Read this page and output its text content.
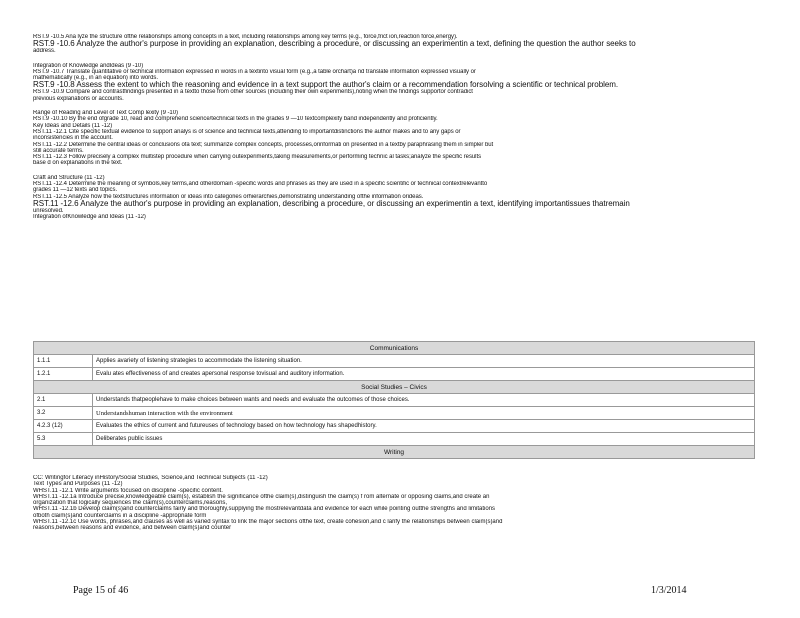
RST.9 -10.5 Ana lyze the structure ofthe relationships among concepts in a text, including relationships among key terms (e.g., force,frict ion,reaction force,energy).
RST.9 -10.6 Analyze the author's purpose in providing an explanation, describing a procedure, or discussing an experimentin a text, defining the question the author seeks to
address.
Integration of Knowledge andIdeas (9 -10)
RST.9 -10.7 Translate quantitative or technical information expressed in words in a textinto visual form (e.g.,a table orchart)a nd translate information expressed visually or
mathematically (e.g., in an equation) into words.
RST.9 -10.8 Assess the extent to which the reasoning and evidence in a text support the author's claim or a recommendation forsolving a scientific or technical problem.
RST.9 -10.9 Compare and contrastfindings presented in a textto those from other sources (including their own experiments),noting when the findings supportor contradict
previous explanations or accounts.
Range of Reading and Level of Text Comp lexity (9 -10)
RST.9 -10.10 By the end ofgrade 10, read and comprehend science/technical texts in the grades 9 —10 textcomplexity band independently and proficiently.
Key Ideas and Details (11 -12)
RST.11 -12.1 Cite specific textual evidence to support analys is of science and technical texts,attending to importantdistinctions the author makes and to any gaps or
inconsistencies in the account.
RST.11 -12.2 Determine the central ideas or conclusions ofa text; summarize complex concepts, processes,orinformati on presented in a textby paraphrasing them in simpler but
still accurate terms.
RST.11 -12.3 Follow precisely a complex multistep procedure when carrying outexperiments,taking measurements,or performing technic al tasks;analyze the specific results
base d on explanations in the text.
Craft and Structure (11 -12)
RST.11 -12.4 Determine the meaning of symbols,key terms,and otherdomain -specific words and phrases as they are used in a specific scientific or technical contextrelevantto
grades 11 —12 texts and topics.
RST.11 -12.5 Analyze how the textstructures information or ideas into categories orhierarchies,demonstrating understanding ofthe information orideas.
RST.11 -12.6 Analyze the author's purpose in providing an explanation, describing a procedure, or discussing an experimentin a text, identifying importantissues thatremain
unresolved.
Integration ofKnowledge and Ideas (11 -12)
Communications	
1.1.1	Applies avariety of listening strategies to accommodate the listening situation.
1.2.1	Evalu ates effectiveness of and creates apersonal response tovisual and auditory information.
Social Studies – Civics	
2.1	Understands thatpeoplehave to make choices between wants and needs and evaluate the outcomes of those choices.
3.2	Understandshuman interaction with the environment
4.2.3 (12)	Evaluates the ethics of current and futureuses of technology based on how technology has shapedhistory.
5.3	Deliberates public issues
Writing	
CC: Writingfor Literacy inHistory/Social Studies, Science,and Technical Subjects (11 -12)
Text Types and Purposes (11 -12)
WHST.11 -12.1 Write arguments focused on discipline -specific content.
WHST.11 -12.1a Introduce precise,knowledgeable claim(s), establish the significance ofthe claim(s),distinguish the claim(s) f rom alternate or opposing claims,and create an
organization that logically sequences the claim(s),counterclaims,reasons,
WHST.11 -12.1b Develop claim(s)and counterclaims fairly and thoroughly,supplying the mostrelevantdata and evidence for each while pointing outthe strengths and limitations
ofboth claim(s)and counterclaims in a discipline -appropriate form
WHST.11 -12.1c Use words, phrases,and clauses as well as varied syntax to link the major sections ofthe text, create cohesion,and c larify the relationships between claim(s)and
reasons,between reasons and evidence, and between claim(s)and counter
Page 15 of 46	1/3/2014
